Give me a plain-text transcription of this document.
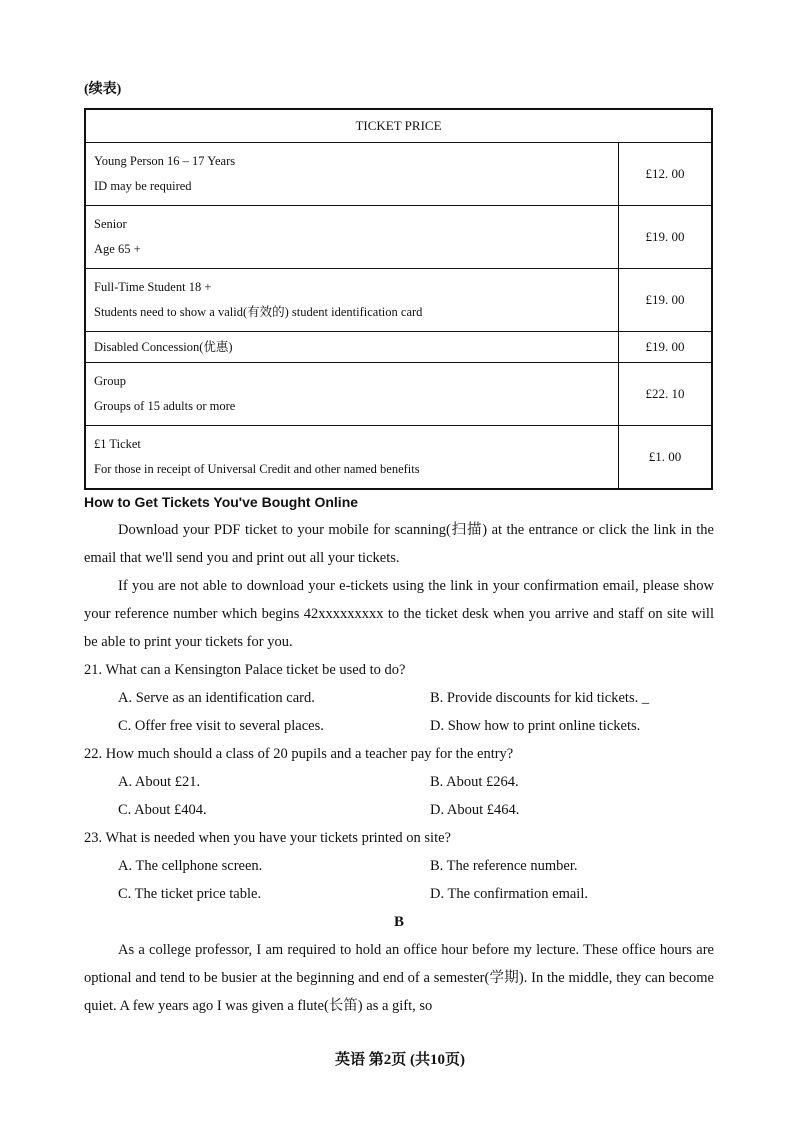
(续表)
TICKET PRICE	

Young Person 16 – 17 Years
ID may be required	£12. 00

Senior
Age 65 +	£19. 00

Full-Time Student 18 +
Students need to show a valid(有效的) student identification card	£19. 00

Disabled Concession(优惠)	£19. 00

Group
Groups of 15 adults or more	£22. 10

£1 Ticket
For those in receipt of Universal Credit and other named benefits	£1. 00
How to Get Tickets You've Bought Online
Download your PDF ticket to your mobile for scanning(扫描) at the entrance or click the link in the email that we'll send you and print out all your tickets.
If you are not able to download your e-tickets using the link in your confirmation email, please show your reference number which begins 42xxxxxxxxx to the ticket desk when you arrive and staff on site will be able to print your tickets for you.
21. What can a Kensington Palace ticket be used to do?
A. Serve as an identification card.	B. Provide discounts for kid tickets. _
C. Offer free visit to several places.	D. Show how to print online tickets.
22. How much should a class of 20 pupils and a teacher pay for the entry?
A. About £21.	B. About £264.
C. About £404.	D. About £464.
23. What is needed when you have your tickets printed on site?
A. The cellphone screen.	B. The reference number.
C. The ticket price table.	D. The confirmation email.
B
As a college professor, I am required to hold an office hour before my lecture. These office hours are optional and tend to be busier at the beginning and end of a semester(学期). In the middle, they can become quiet. A few years ago I was given a flute(长笛) as a gift, so
英语 第2页 (共10页)
